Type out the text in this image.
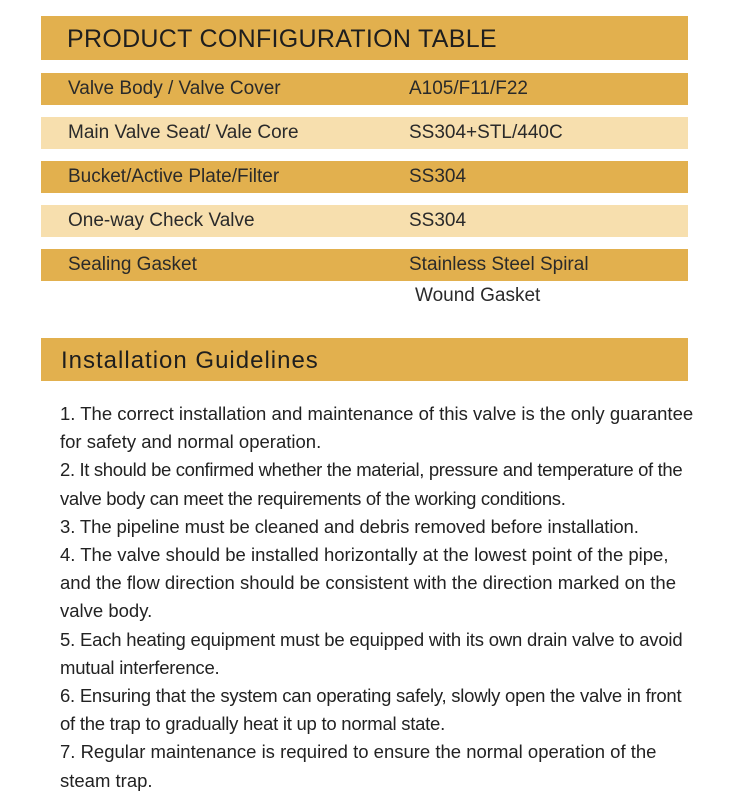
PRODUCT CONFIGURATION TABLE
Valve Body / Valve Cover	A105/F11/F22
Main Valve Seat/ Vale Core	SS304+STL/440C
Bucket/Active Plate/Filter	SS304
One-way Check Valve	SS304
Sealing Gasket	Stainless Steel Spiral
Wound Gasket
Installation Guidelines

1. The correct installation and maintenance of this valve is the only guarantee for safety and normal operation.

2. It should be confirmed whether the material, pressure and temperature of the valve body can meet the requirements of the working conditions.

3. The pipeline must be cleaned and debris removed before installation.

4. The valve should be installed horizontally at the lowest point of the pipe, and the flow direction should be consistent with the direction marked on the valve body.

5. Each heating equipment must be equipped with its own drain valve to avoid mutual interference.

6. Ensuring that the system can operating safely, slowly open the valve in front of the trap to gradually heat it up to normal state.

7. Regular maintenance is required to ensure the normal operation of the steam trap.
